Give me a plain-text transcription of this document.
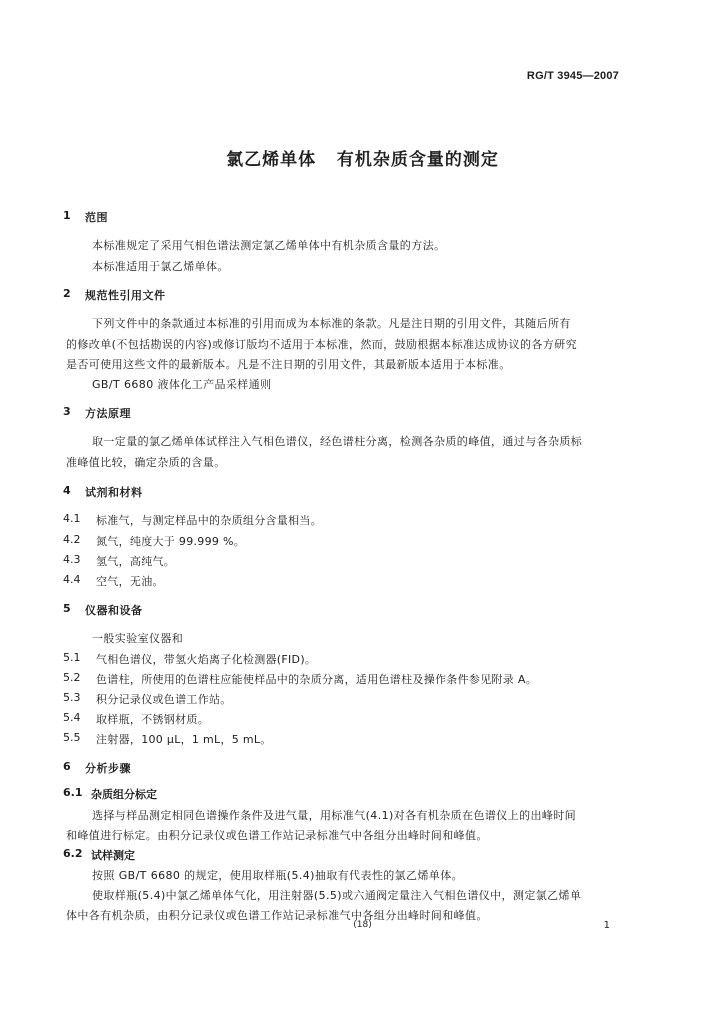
RG/T 3945—2007
氯乙烯单体   有机杂质含量的测定
1 范围

本标准规定了采用气相色谱法测定氯乙烯单体中有机杂质含量的方法。

本标准适用于氯乙烯单体。

2 规范性引用文件

下列文件中的条款通过本标准的引用而成为本标准的条款。凡是注日期的引用文件，其随后所有

的修改单(不包括勘误的内容)或修订版均不适用于本标准，然而，鼓励根据本标准达成协议的各方研究

是否可使用这些文件的最新版本。凡是不注日期的引用文件，其最新版本适用于本标准。

GB/T 6680 液体化工产品采样通则

3 方法原理

取一定量的氯乙烯单体试样注入气相色谱仪，经色谱柱分离，检测各杂质的峰值，通过与各杂质标

准峰值比较，确定杂质的含量。

4 试剂和材料
4.1 标准气，与测定样品中的杂质组分含量相当。
4.2 氮气，纯度大于 99.999 %。
4.3 氢气，高纯气。
4.4 空气，无油。
5 仪器和设备

一般实验室仪器和

5.1 气相色谱仪，带氢火焰离子化检测器(FID)。
5.2 色谱柱，所使用的色谱柱应能使样品中的杂质分离，适用色谱柱及操作条件参见附录 A。
5.3 积分记录仪或色谱工作站。
5.4 取样瓶，不锈钢材质。
5.5 注射器，100 μL，1 mL，5 mL。
6 分析步骤
6.1 杂质组分标定

选择与样品测定相同色谱操作条件及进气量，用标准气(4.1)对各有机杂质在色谱仪上的出峰时间

和峰值进行标定。由积分记录仪或色谱工作站记录标准气中各组分出峰时间和峰值。

6.2 试样测定

按照 GB/T 6680 的规定，使用取样瓶(5.4)抽取有代表性的氯乙烯单体。

使取样瓶(5.4)中氯乙烯单体气化，用注射器(5.5)或六通阀定量注入气相色谱仪中，测定氯乙烯单

体中各有机杂质，由积分记录仪或色谱工作站记录标准气中各组分出峰时间和峰值。

(18)	1
